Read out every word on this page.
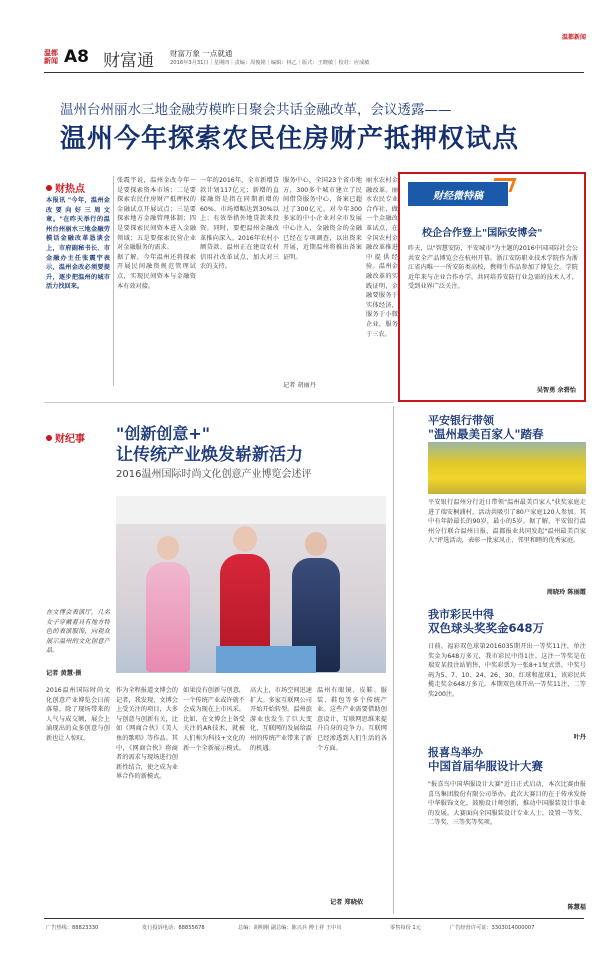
温都新闻
温都
新闻 A8 财富通 财富万象 一点就通
2016年3月31日｜星期四｜责编：周俊铭｜编辑：林乙｜版式：王晓敏｜校对：应成敏
温州台州丽水三地金融劳模昨日聚会共话金融改革，会议透露——
温州今年探索农民住房财产抵押权试点
财热点
本报讯 "今年，温州金改要向好三周文章。"在昨天举行的温州台州丽水三地金融劳模话金融改革恳谈会上，市府副秘书长、市金融办主任张震宇表示，温州金改必须要提升，逐步把温州的城市活力找回来。
张震宇说，温州金改今年一是要探索资本市场；二是要探索农民住房财产抵押权的金融试点开展试点；三是要探索地方金融管理体制；四是要探索民间资本进入金融领域；五是要探索民营企业对金融服务的需求。
据了解，今年温州还将探索开展民间融资规范管理试点，实现民间资本与金融资本有效对接。
一年的2016年，全市新增贷款计划117亿元；新增的直接融资是指在同期新增的60%，市场增幅达到30%以上；有效举措外地贷款来投资。同时，要把温州金融改革推向深入。2016年农村小额贷款、温州正在建设农村信用社改革试点，加大对三农的支持。
服务中心，全国23个省市地方，300多个城市建立了民间借贷服务中心，备案已超过了300亿元。对今年300多家的中小企业对全市发展中心注入，金融资金的金融已经在专项调查，以出资来开展，近期温州将推出备案证明。
丽水农村金融改革。丽水农民专业合作社，做一个金融改革试点，在全国农村金融改革推进中提供经验。温州金融改革的实践证明，金融要服务于实体经济，服务于小微企业，服务于三农。
记者 胡丽丹
财经微特稿
校企合作登上"国际安博会"
昨天，以"智慧安防，平安城市"为主题的2016中国国际社会公共安全产品博览会在杭州开幕。浙江安防职业技术学院作为浙江省内唯一一所安防类高校，携师生作品参加了博览会。学院近年来与企业合作办学，共同培养安防行业急需的技术人才，受到业界广泛关注。
吴智勇 余碧怡
财纪事 "创新创意+"
让传统产业焕发崭新活力
2016温州国际时尚文化创意产业博览会述评
在文博会表演厅，几名女子穿戴着具有地方特色的表演服饰，向观众展示温州的文化创意产品。
记者 黄慧·摄
2016温州国际时尚文化创意产业博览会日前落幕，除了现场带来的人气与成交额，展会上涌现出的众多创意与创新也让人惊叹。
作为全程报道文博会的记者，我发现，文博会上受关注的项目，大多与创意与创新有关，比如《网商合伙》《美人鱼的歌唱》等作品。其中，《网商合伙》将商者的需求与现场进行创新性结合，使之成为业界合作的新模式。
如果没有创新与创意，一个传统产业或许就不会成为现在上市风采。比如，在文博会上备受关注的AR技术，就被人们称为科技+文化的新一个全新展示模式。
高大上，市场空间迅速扩大。多家互联网公司开始开始转型。温州旅游业也发生了巨大变化，互联网的发展给温州的传统产业带来了新的机遇。
温州有眼镜、皮鞋、服装、鞋包等多个传统产业。这些产业需要借助创意设计、互联网思维来提升自身的竞争力。互联网已经渗透到人们生活的各个方面。
记者 郑晓依
平安银行带领
"温州最美百家人"踏春
平安银行温州分行近日带领"温州最美百家人"获奖家庭走进了瑞安桐浦村，活动共吸引了80户家庭120人参加。其中有年龄最长的90岁，最小的5岁。据了解，平安银行温州分行联合温州日报、温都报业共同发起"温州最美百家人"评选活动，表彰一批家风正、邻里和睦的优秀家庭。
周晓玲 陈丽霞
我市彩民中得
双色球头奖奖金648万
日前，福彩双色球第2016035期开出一等奖11注，单注奖金为648万多元，我市彩民中得1注。这注一等奖是在瑞安某投注站销售，中奖彩票为一张8+1复式票，中奖号码为5、7、10、24、26、30、红球和蓝球1，该彩民共揽走奖金648万多元。本期双色球开出一等奖11注，二等奖200注。
叶丹
报喜鸟举办
中国首届华服设计大赛
"报喜鸟中国华服设计大赛"近日正式启动，本次比赛由报喜鸟集团股份有限公司举办。此次大赛目的在于传承发扬中华服饰文化，鼓励设计师创新，推动中国服装设计事业的发展。大赛面向全国服装设计专业人士，设置一等奖、二等奖、三等奖等奖项。
陈慧福
广告热线：88823330	发行投诉电话：88855678	总编：胡明刚 副总编：陈兴兵 傅士祥 王中川	零售每份 1元	广告经营许可证：3303014000007
